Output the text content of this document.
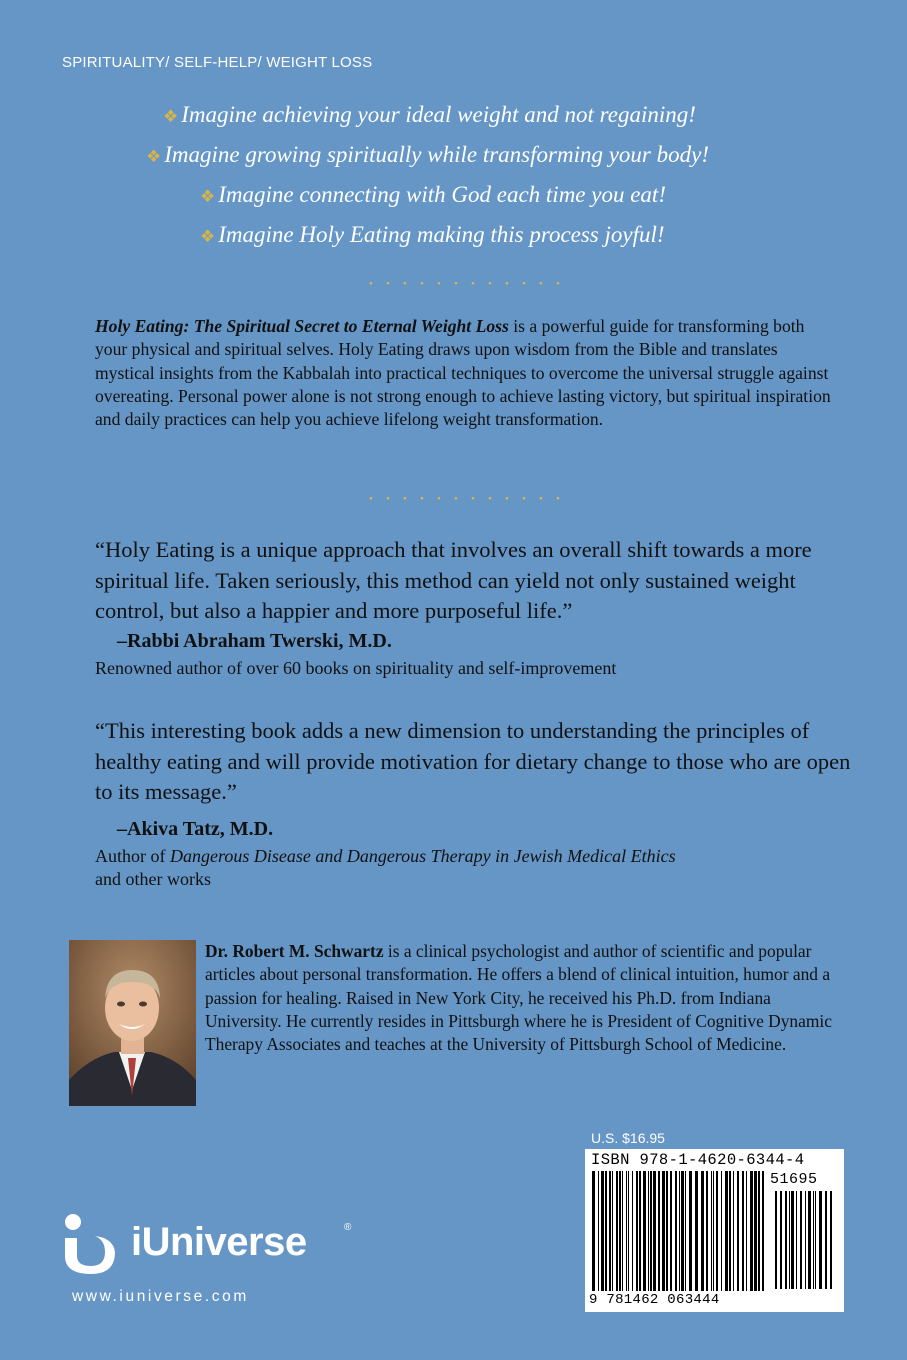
SPIRITUALITY/ SELF-HELP/ WEIGHT LOSS
❖ Imagine achieving your ideal weight and not regaining!
❖ Imagine growing spiritually while transforming your body!
❖ Imagine connecting with God each time you eat!
❖ Imagine Holy Eating making this process joyful!
• • • • • • • • • • • •
Holy Eating: The Spiritual Secret to Eternal Weight Loss is a powerful guide for transforming both your physical and spiritual selves. Holy Eating draws upon wisdom from the Bible and translates mystical insights from the Kabbalah into practical techniques to overcome the universal struggle against overeating. Personal power alone is not strong enough to achieve lasting victory, but spiritual inspiration and daily practices can help you achieve lifelong weight transformation.
• • • • • • • • • • • •
“Holy Eating is a unique approach that involves an overall shift towards a more spiritual life. Taken seriously, this method can yield not only sustained weight control, but also a happier and more purposeful life.”
–Rabbi Abraham Twerski, M.D.
Renowned author of over 60 books on spirituality and self-improvement
“This interesting book adds a new dimension to understanding the principles of healthy eating and will provide motivation for dietary change to those who are open to its message.”
–Akiva Tatz, M.D.
Author of Dangerous Disease and Dangerous Therapy in Jewish Medical Ethics
and other works
Dr. Robert M. Schwartz is a clinical psychologist and author of scientific and popular articles about personal transformation. He offers a blend of clinical intuition, humor and a passion for healing. Raised in New York City, he received his Ph.D. from Indiana University. He currently resides in Pittsburgh where he is President of Cognitive Dynamic Therapy Associates and teaches at the University of Pittsburgh School of Medicine.
U.S. $16.95
ISBN 978-1-4620-6344-4
51695
9 781462 063444
iUniverse	®
www.iuniverse.com
